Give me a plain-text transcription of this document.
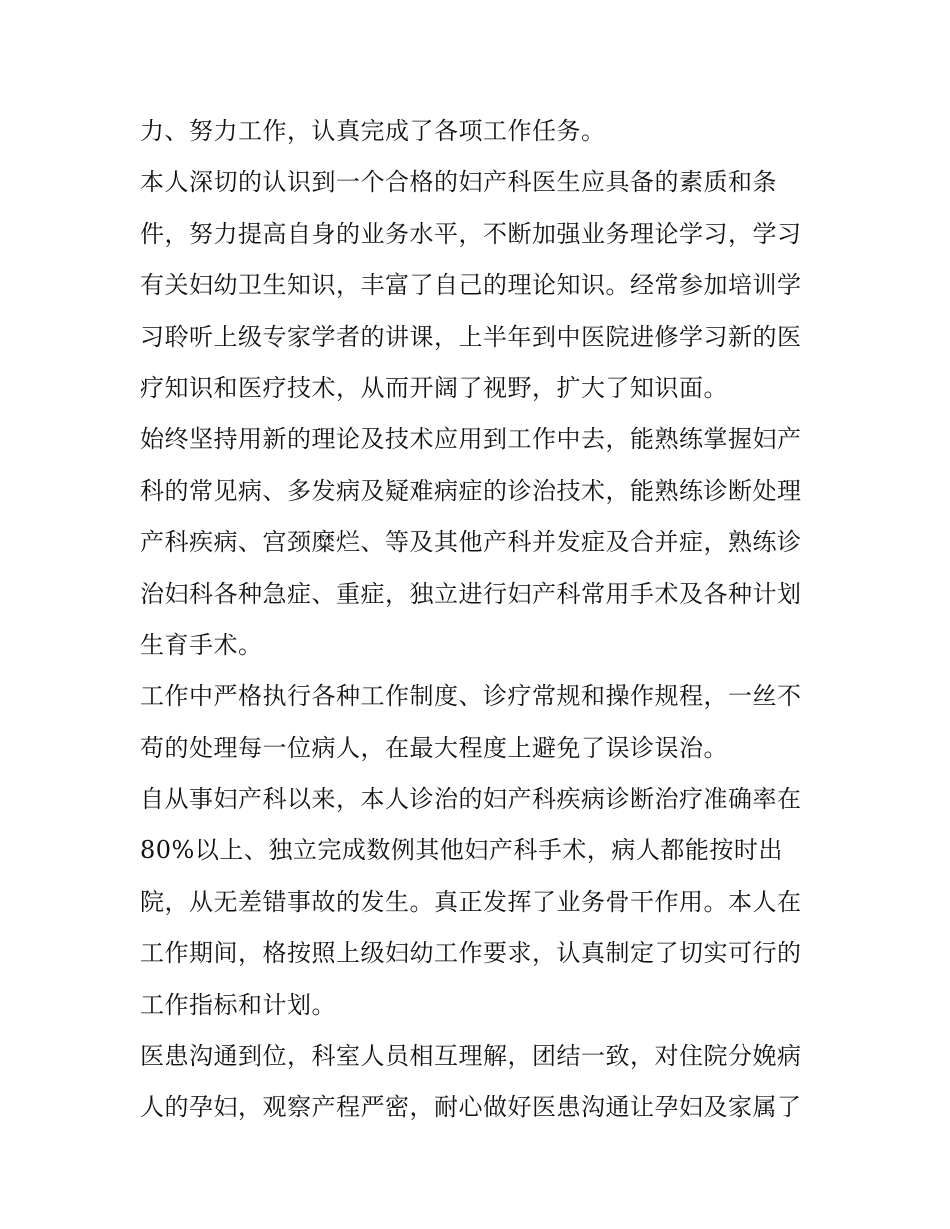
力、努力工作，认真完成了各项工作任务。
本人深切的认识到一个合格的妇产科医生应具备的素质和条
件，努力提高自身的业务水平，不断加强业务理论学习，学习
有关妇幼卫生知识，丰富了自己的理论知识。经常参加培训学
习聆听上级专家学者的讲课，上半年到中医院进修学习新的医
疗知识和医疗技术，从而开阔了视野，扩大了知识面。
始终坚持用新的理论及技术应用到工作中去，能熟练掌握妇产
科的常见病、多发病及疑难病症的诊治技术，能熟练诊断处理
产科疾病、宫颈糜烂、等及其他产科并发症及合并症，熟练诊
治妇科各种急症、重症，独立进行妇产科常用手术及各种计划
生育手术。
工作中严格执行各种工作制度、诊疗常规和操作规程，一丝不
苟的处理每一位病人，在最大程度上避免了误诊误治。
自从事妇产科以来，本人诊治的妇产科疾病诊断治疗准确率在
80%以上、独立完成数例其他妇产科手术，病人都能按时出
院，从无差错事故的发生。真正发挥了业务骨干作用。本人在
工作期间，格按照上级妇幼工作要求，认真制定了切实可行的
工作指标和计划。
医患沟通到位，科室人员相互理解，团结一致，对住院分娩病
人的孕妇，观察产程严密，耐心做好医患沟通让孕妇及家属了
